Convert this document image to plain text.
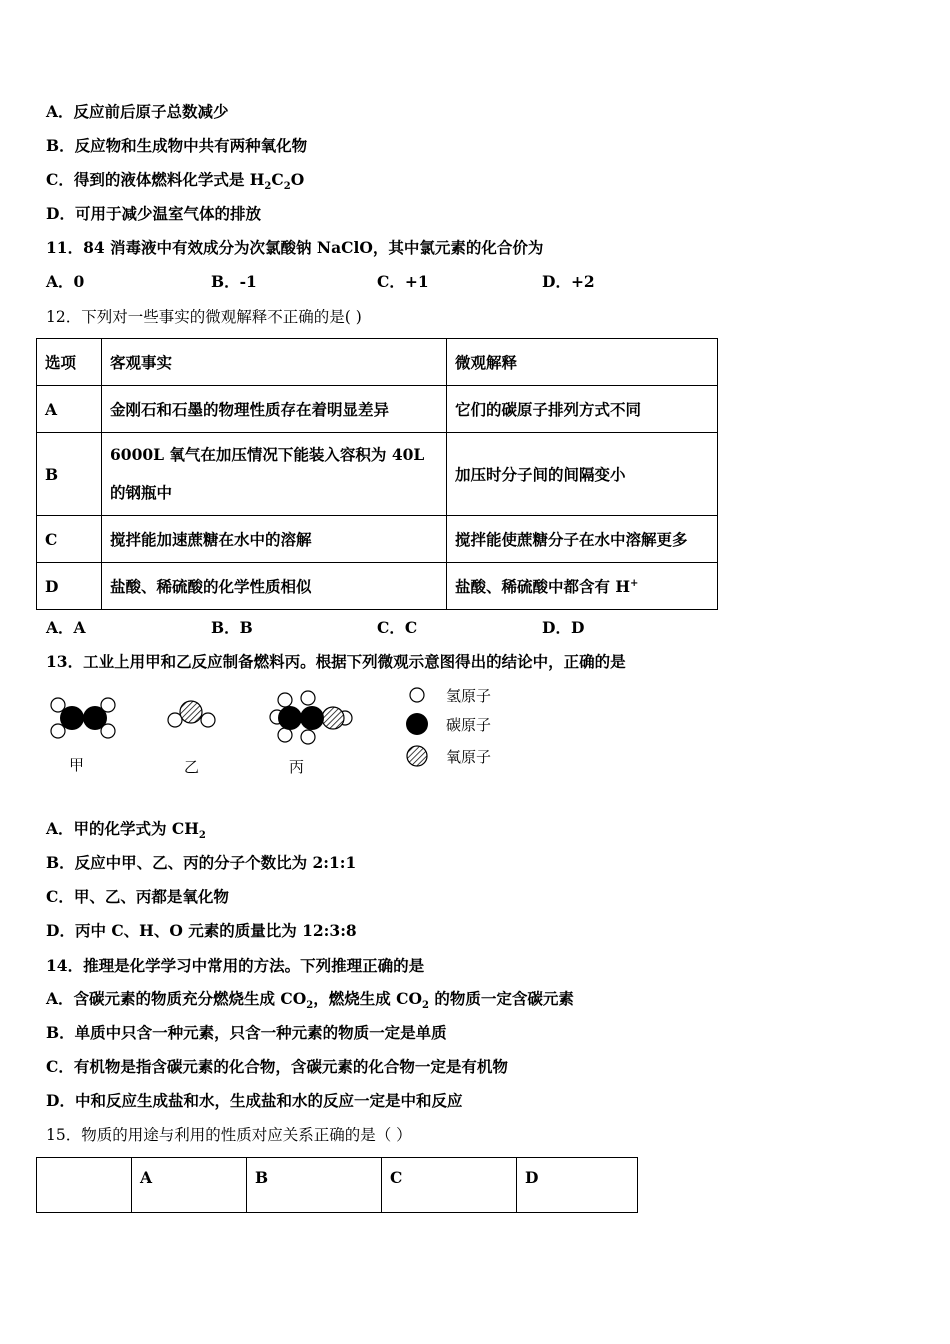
A．反应前后原子总数减少
B．反应物和生成物中共有两种氧化物
C．得到的液体燃料化学式是 $H_2C_2O$
D．可用于减少温室气体的排放
11．84 消毒液中有效成分为次氯酸钠 NaClO，其中氯元素的化合价为
A．0	B．-1	C．+1	D．+2
12．下列对一些事实的微观解释不正确的是( )
选项	客观事实	微观解释
A	金刚石和石墨的物理性质存在着明显差异	它们的碳原子排列方式不同
B	6000L 氧气在加压情况下能装入容积为 40L
的钢瓶中	加压时分子间的间隔变小
C	搅拌能加速蔗糖在水中的溶解	搅拌能使蔗糖分子在水中溶解更多
D	盐酸、稀硫酸的化学性质相似	盐酸、稀硫酸中都含有 H+
A．A	B．B	C．C	D．D
13．工业上用甲和乙反应制备燃料丙。根据下列微观示意图得出的结论中，正确的是
甲	乙	丙
氢原子
碳原子
氧原子
A．甲的化学式为 $CH_2$
B．反应中甲、乙、丙的分子个数比为 2:1:1
C．甲、乙、丙都是氧化物
D．丙中 C、H、O 元素的质量比为 12:3:8
14．推理是化学学习中常用的方法。下列推理正确的是
A．含碳元素的物质充分燃烧生成 $CO_2$，燃烧生成 $CO_2$ 的物质一定含碳元素
B．单质中只含一种元素，只含一种元素的物质一定是单质
C．有机物是指含碳元素的化合物，含碳元素的化合物一定是有机物
D．中和反应生成盐和水，生成盐和水的反应一定是中和反应
15．物质的用途与利用的性质对应关系正确的是（ ）
	A	B	C	D
